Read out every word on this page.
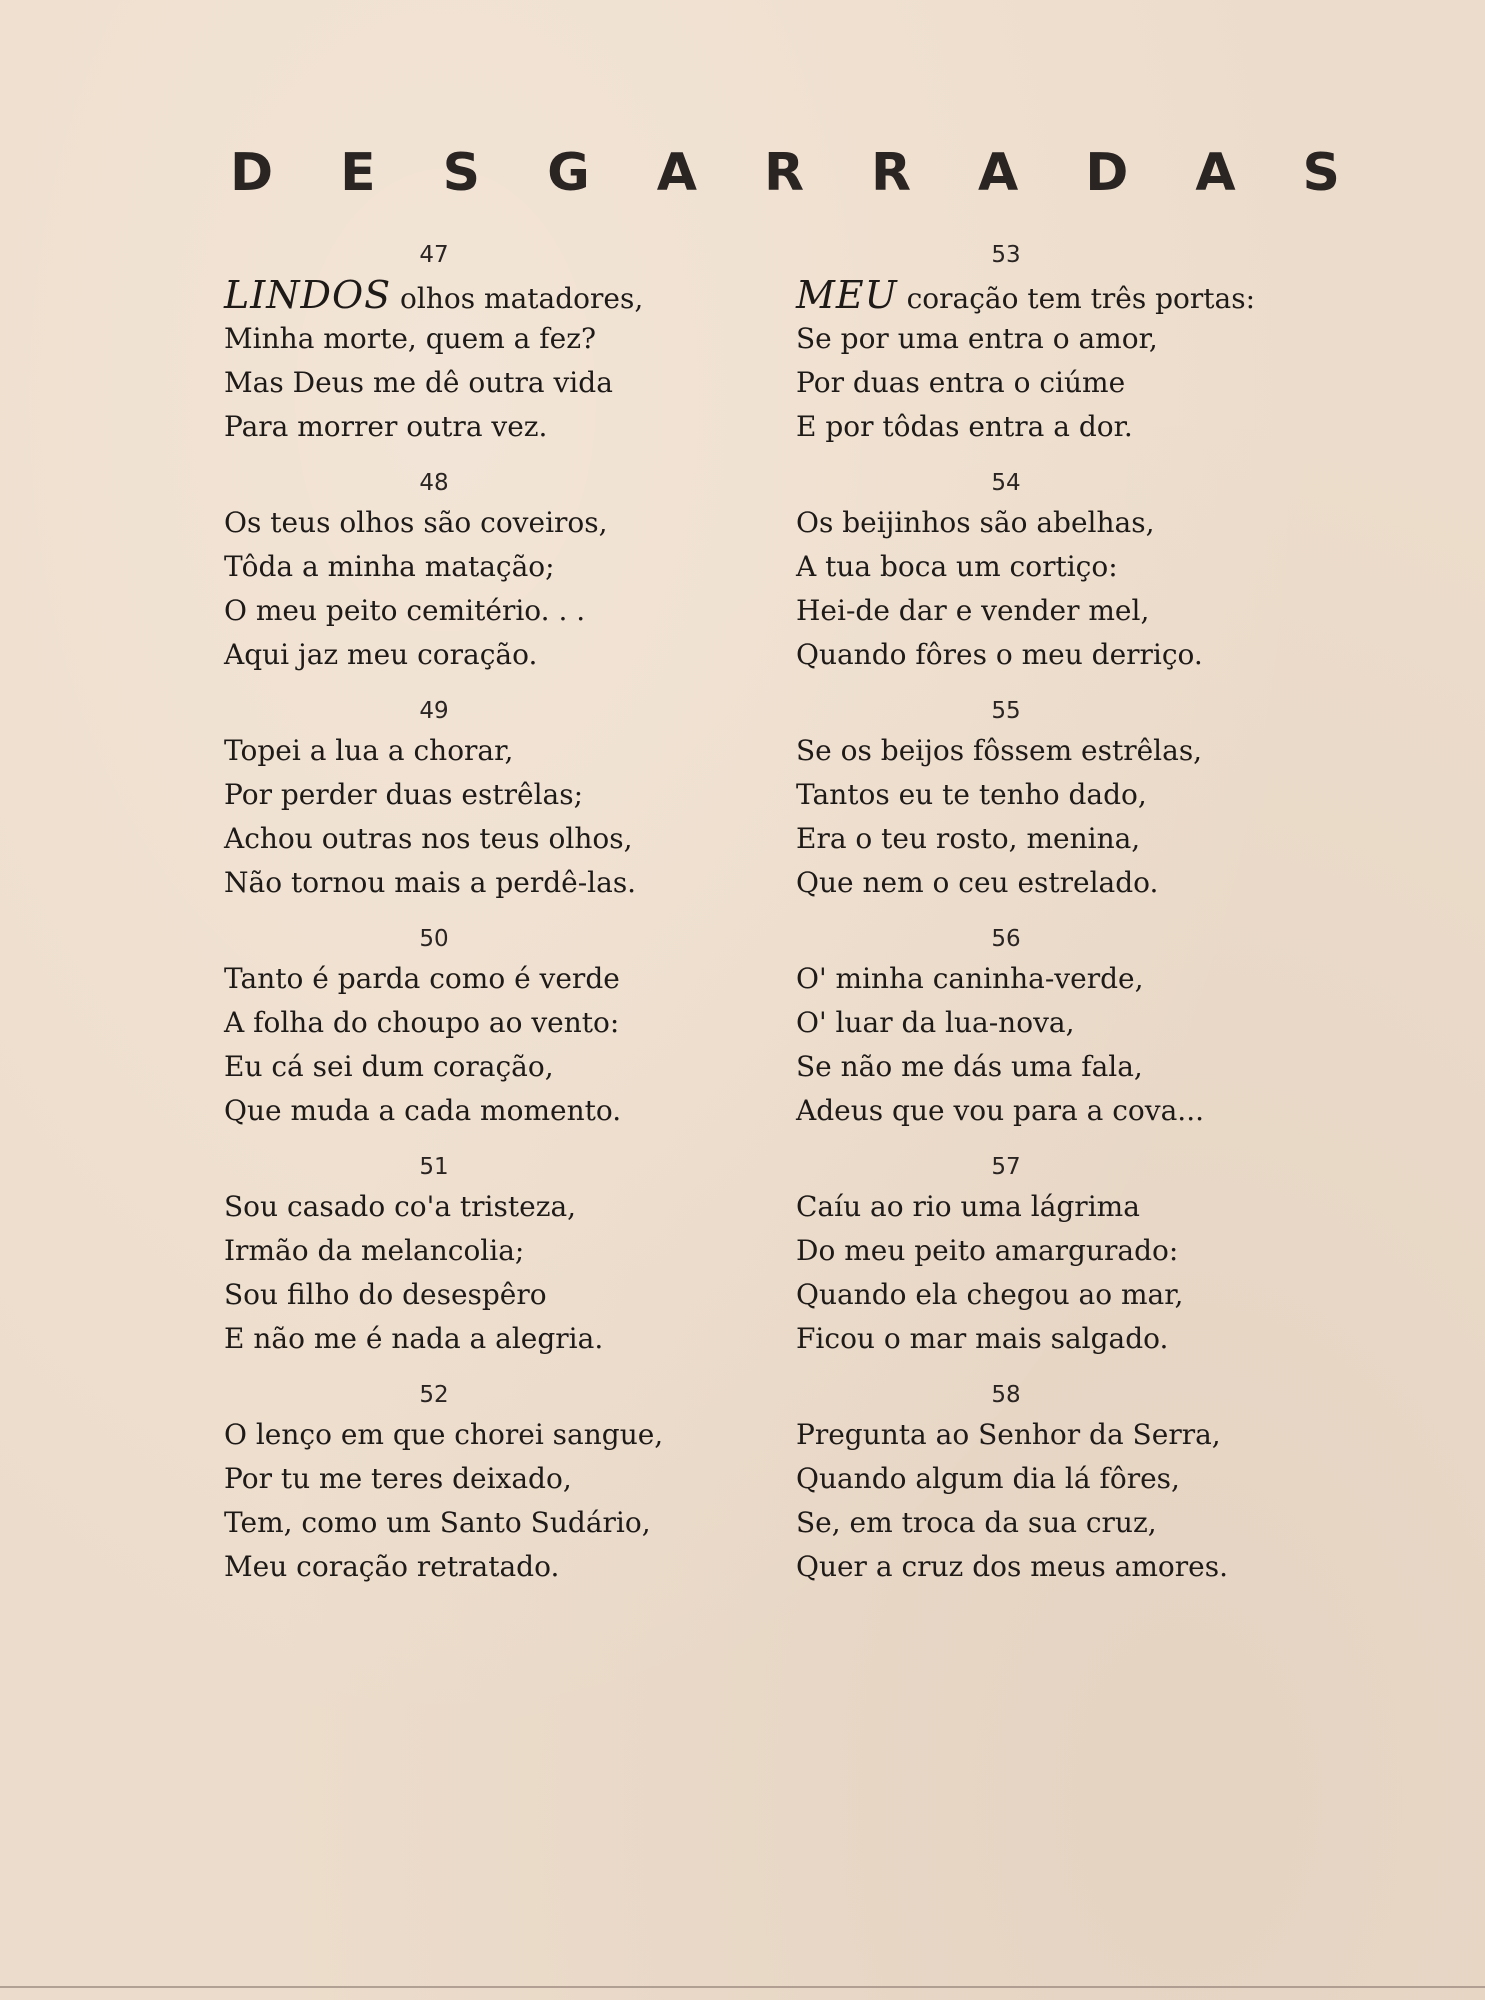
D E S G A R R A D A S
47
LINDOS olhos matadores,
Minha morte, quem a fez?
Mas Deus me dê outra vida
Para morrer outra vez.
48
Os teus olhos são coveiros,
Tôda a minha matação;
O meu peito cemitério. . .
Aqui jaz meu coração.
49
Topei a lua a chorar,
Por perder duas estrêlas;
Achou outras nos teus olhos,
Não tornou mais a perdê-las.
50
Tanto é parda como é verde
A folha do choupo ao vento:
Eu cá sei dum coração,
Que muda a cada momento.
51
Sou casado co'a tristeza,
Irmão da melancolia;
Sou filho do desespêro
E não me é nada a alegria.
52
O lenço em que chorei sangue,
Por tu me teres deixado,
Tem, como um Santo Sudário,
Meu coração retratado.
53
MEU coração tem três portas:
Se por uma entra o amor,
Por duas entra o ciúme
E por tôdas entra a dor.
54
Os beijinhos são abelhas,
A tua boca um cortiço:
Hei-de dar e vender mel,
Quando fôres o meu derriço.
55
Se os beijos fôssem estrêlas,
Tantos eu te tenho dado,
Era o teu rosto, menina,
Que nem o ceu estrelado.
56
O' minha caninha-verde,
O' luar da lua-nova,
Se não me dás uma fala,
Adeus que vou para a cova...
57
Caíu ao rio uma lágrima
Do meu peito amargurado:
Quando ela chegou ao mar,
Ficou o mar mais salgado.
58
Pregunta ao Senhor da Serra,
Quando algum dia lá fôres,
Se, em troca da sua cruz,
Quer a cruz dos meus amores.
